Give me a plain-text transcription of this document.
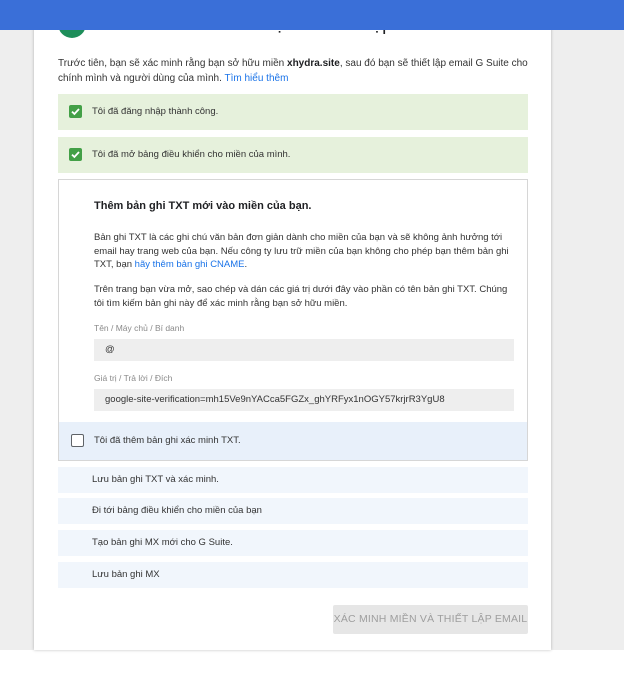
Trước tiên, bạn sẽ xác minh rằng bạn sở hữu miền xhydra.site, sau đó bạn sẽ thiết lập email G Suite cho chính mình và người dùng của mình. Tìm hiểu thêm
Tôi đã đăng nhập thành công.
Tôi đã mở bảng điều khiển cho miền của mình.
Thêm bản ghi TXT mới vào miền của bạn.
Bản ghi TXT là các ghi chú văn bản đơn giản dành cho miền của bạn và sẽ không ảnh hưởng tới email hay trang web của bạn. Nếu công ty lưu trữ miền của bạn không cho phép bạn thêm bản ghi TXT, bạn hãy thêm bản ghi CNAME.
Trên trang bạn vừa mở, sao chép và dán các giá trị dưới đây vào phần có tên bản ghi TXT. Chúng tôi tìm kiếm bản ghi này để xác minh rằng bạn sở hữu miền.
Tên / Máy chủ / Bí danh
@
Giá trị / Trả lời / Đích
google-site-verification=mh15Ve9nYACca5FGZx_ghYRFyx1nOGY57krjrR3YgU8
Tôi đã thêm bản ghi xác minh TXT.
Lưu bản ghi TXT và xác minh.
Đi tới bảng điều khiển cho miền của bạn
Tạo bản ghi MX mới cho G Suite.
Lưu bản ghi MX
XÁC MINH MIỀN VÀ THIẾT LẬP EMAIL
